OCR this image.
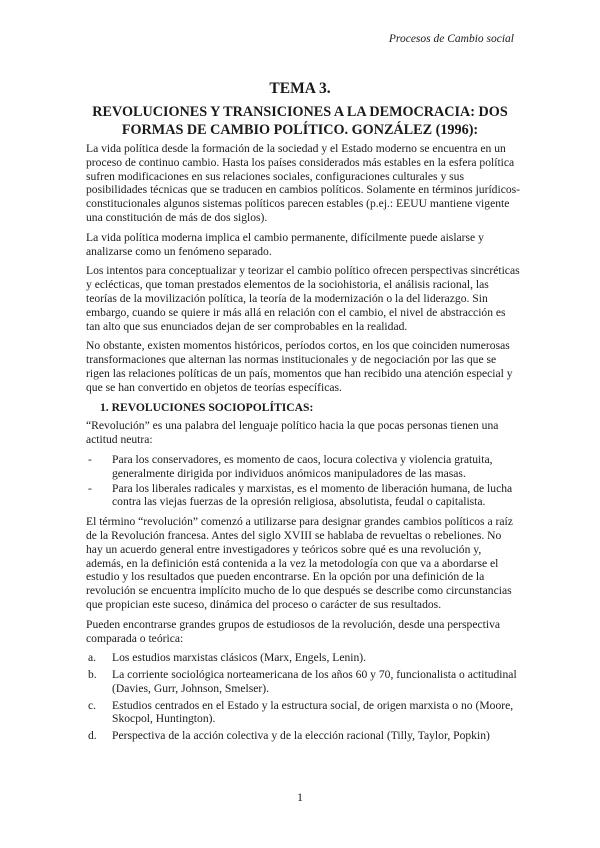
Procesos de Cambio social
TEMA 3.
REVOLUCIONES Y TRANSICIONES A LA DEMOCRACIA: DOS FORMAS DE CAMBIO POLÍTICO. GONZÁLEZ (1996):

La vida política desde la formación de la sociedad y el Estado moderno se encuentra en un proceso de continuo cambio. Hasta los países considerados más estables en la esfera política sufren modificaciones en sus relaciones sociales, configuraciones culturales y sus posibilidades técnicas que se traducen en cambios políticos. Solamente en términos jurídicos-constitucionales algunos sistemas políticos parecen estables (p.ej.: EEUU mantiene vigente una constitución de más de dos siglos).

La vida política moderna implica el cambio permanente, difícilmente puede aislarse y analizarse como un fenómeno separado.

Los intentos para conceptualizar y teorizar el cambio político ofrecen perspectivas sincréticas y eclécticas, que toman prestados elementos de la sociohistoria, el análisis racional, las teorías de la movilización política, la teoría de la modernización o la del liderazgo. Sin embargo, cuando se quiere ir más allá en relación con el cambio, el nivel de abstracción es tan alto que sus enunciados dejan de ser comprobables en la realidad.

No obstante, existen momentos históricos, períodos cortos, en los que coinciden numerosas transformaciones que alternan las normas institucionales y de negociación por las que se rigen las relaciones políticas de un país, momentos que han recibido una atención especial y que se han convertido en objetos de teorías específicas.

1. REVOLUCIONES SOCIOPOLÍTICAS:

“Revolución” es una palabra del lenguaje político hacia la que pocas personas tienen una actitud neutra:

- Para los conservadores, es momento de caos, locura colectiva y violencia gratuita, generalmente dirigida por individuos anómicos manipuladores de las masas.
- Para los liberales radicales y marxistas, es el momento de liberación humana, de lucha contra las viejas fuerzas de la opresión religiosa, absolutista, feudal o capitalista.

El término “revolución” comenzó a utilizarse para designar grandes cambios políticos a raíz de la Revolución francesa. Antes del siglo XVIII se hablaba de revueltas o rebeliones. No hay un acuerdo general entre investigadores y teóricos sobre qué es una revolución y, además, en la definición está contenida a la vez la metodología con que va a abordarse el estudio y los resultados que pueden encontrarse. En la opción por una definición de la revolución se encuentra implícito mucho de lo que después se describe como circunstancias que propician este suceso, dinámica del proceso o carácter de sus resultados.

Pueden encontrarse grandes grupos de estudiosos de la revolución, desde una perspectiva comparada o teórica:

a. Los estudios marxistas clásicos (Marx, Engels, Lenin).
b. La corriente sociológica norteamericana de los años 60 y 70, funcionalista o actitudinal (Davies, Gurr, Johnson, Smelser).
c. Estudios centrados en el Estado y la estructura social, de origen marxista o no (Moore, Skocpol, Huntington).
d. Perspectiva de la acción colectiva y de la elección racional (Tilly, Taylor, Popkin)
1
